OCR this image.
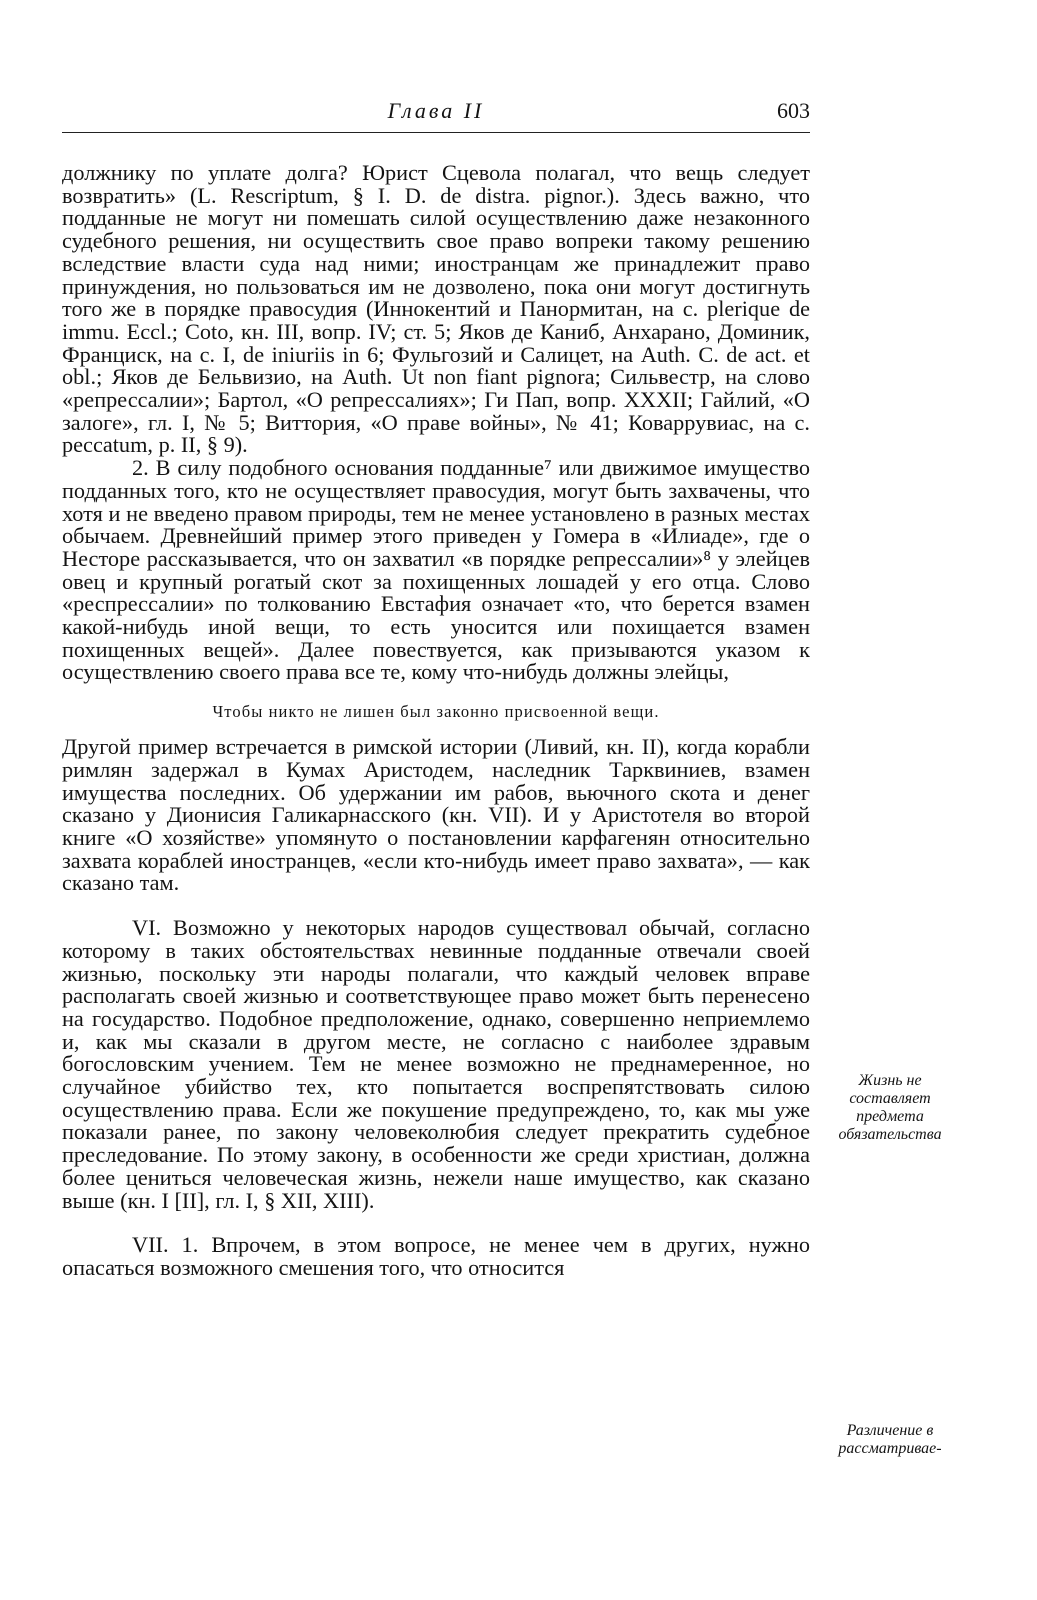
Глава II	603

должнику по уплате долга? Юрист Сцевола полагал, что вещь следует возвратить» (L. Rescriptum, § I. D. de distra. pignor.). Здесь важно, что подданные не могут ни помешать силой осуществлению даже незаконного судебного решения, ни осуществить свое право вопреки такому решению вследствие власти суда над ними; иностранцам же принадлежит право принуждения, но пользоваться им не дозволено, пока они могут достигнуть того же в порядке правосудия (Иннокентий и Панормитан, на с. plerique de immu. Eccl.; Coto, кн. III, вопр. IV; ст. 5; Яков де Каниб, Анхарано, Доминик, Франциск, на с. I, de iniuriis in 6; Фульгозий и Салицет, на Auth. C. de act. et obl.; Яков де Бельвизио, на Auth. Ut non fiant pignora; Сильвестр, на слово «репрессалии»; Бартол, «О репрессалиях»; Ги Пап, вопр. XXXII; Гайлий, «О залоге», гл. I, № 5; Виттория, «О праве войны», № 41; Коваррувиас, на с. peccatum, p. II, § 9).

2. В силу подобного основания подданные⁷ или движимое имущество подданных того, кто не осуществляет правосудия, могут быть захвачены, что хотя и не введено правом природы, тем не менее установлено в разных местах обычаем. Древнейший пример этого приведен у Гомера в «Илиаде», где о Несторе рассказывается, что он захватил «в порядке репрессалии»⁸ у элейцев овец и крупный рогатый скот за похищенных лошадей у его отца. Слово «респрессалии» по толкованию Евстафия означает «то, что берется взамен какой-нибудь иной вещи, то есть уносится или похищается взамен похищенных вещей». Далее повествуется, как призываются указом к осуществлению своего права все те, кому что-нибудь должны элейцы,

Чтобы никто не лишен был законно присвоенной вещи.

Другой пример встречается в римской истории (Ливий, кн. II), когда корабли римлян задержал в Кумах Аристодем, наследник Тарквиниев, взамен имущества последних. Об удержании им рабов, вьючного скота и денег сказано у Дионисия Галикарнасского (кн. VII). И у Аристотеля во второй книге «О хозяйстве» упомянуто о постановлении карфагенян относительно захвата кораблей иностранцев, «если кто-нибудь имеет право захвата», — как сказано там.

VI. Возможно у некоторых народов существовал обычай, согласно которому в таких обстоятельствах невинные подданные отвечали своей жизнью, поскольку эти народы полагали, что каждый человек вправе располагать своей жизнью и соответствующее право может быть перенесено на государство. Подобное предположение, однако, совершенно неприемлемо и, как мы сказали в другом месте, не согласно с наиболее здравым богословским учением. Тем не менее возможно не преднамеренное, но случайное убийство тех, кто попытается воспрепятствовать силою осуществлению права. Если же покушение предупреждено, то, как мы уже показали ранее, по закону человеколюбия следует прекратить судебное преследование. По этому закону, в особенности же среди христиан, должна более цениться человеческая жизнь, нежели наше имущество, как сказано выше (кн. I [II], гл. I, § XII, XIII).

VII. 1. Впрочем, в этом вопросе, не менее чем в других, нужно опасаться возможного смешения того, что относится

Жизнь не составляет предмета обязательства

Различение в рассматривае-
